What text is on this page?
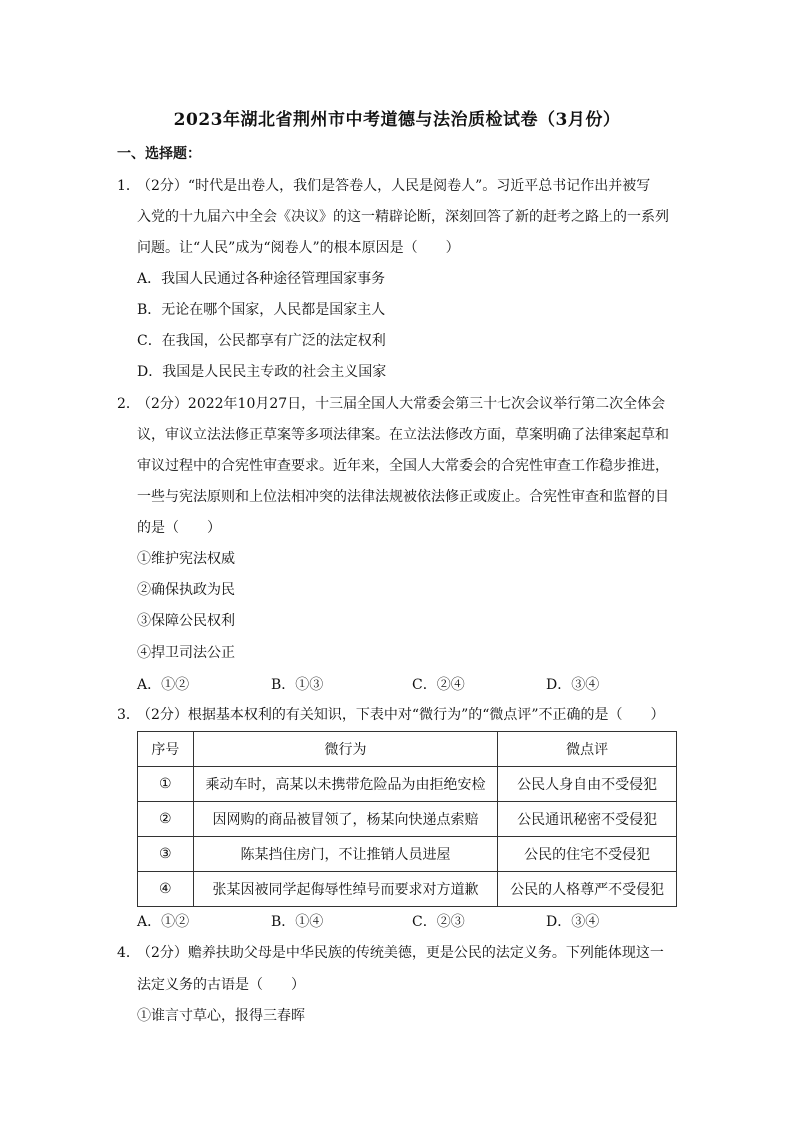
2023年湖北省荆州市中考道德与法治质检试卷（3月份）
一、选择题：
1．
（2分）“时代是出卷人，我们是答卷人，人民是阅卷人”。习近平总书记作出并被写
入党的十九届六中全会《决议》的这一精辟论断，深刻回答了新的赶考之路上的一系列
问题。让“人民”成为“阅卷人”的根本原因是（　　）
A．我国人民通过各种途径管理国家事务
B．无论在哪个国家，人民都是国家主人
C．在我国，公民都享有广泛的法定权利
D．我国是人民民主专政的社会主义国家
2．
（2分）2022年10月27日，十三届全国人大常委会第三十七次会议举行第二次全体会
议，审议立法法修正草案等多项法律案。在立法法修改方面，草案明确了法律案起草和
审议过程中的合宪性审查要求。近年来，全国人大常委会的合宪性审查工作稳步推进，
一些与宪法原则和上位法相冲突的法律法规被依法修正或废止。合宪性审查和监督的目
的是（　　）
①维护宪法权威
②确保执政为民
③保障公民权利
④捍卫司法公正
A．①②	B．①③	C．②④	D．③④
3．
（2分）根据基本权利的有关知识，下表中对“微行为”的“微点评”不正确的是（　　）
序号	微行为	微点评
①	乘动车时，高某以未携带危险品为由拒绝安检	公民人身自由不受侵犯
②	因网购的商品被冒领了，杨某向快递点索赔	公民通讯秘密不受侵犯
③	陈某挡住房门，不让推销人员进屋	公民的住宅不受侵犯
④	张某因被同学起侮辱性绰号而要求对方道歉	公民的人格尊严不受侵犯
A．①②	B．①④	C．②③	D．③④
4．
（2分）赡养扶助父母是中华民族的传统美德，更是公民的法定义务。下列能体现这一
法定义务的古语是（　　）
①谁言寸草心，报得三春晖
